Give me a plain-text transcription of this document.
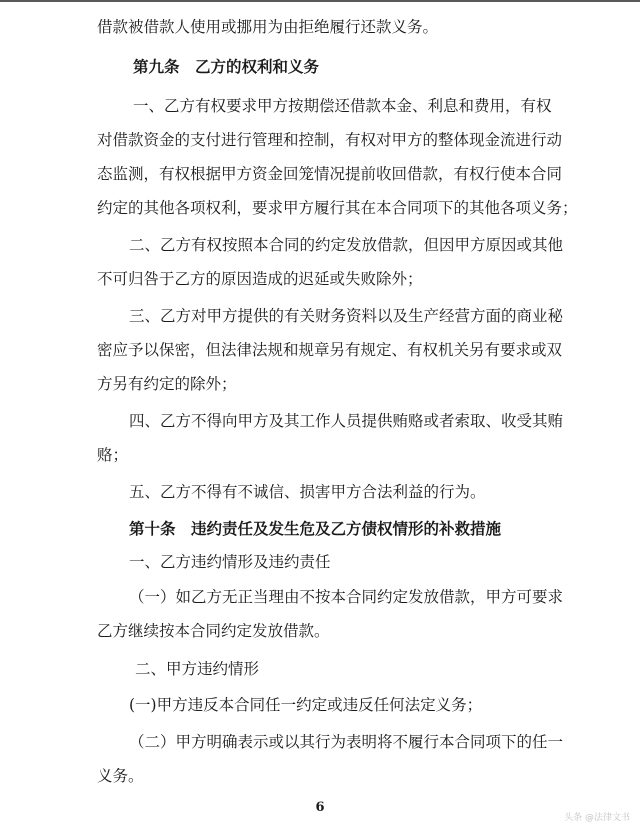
借款被借款人使用或挪用为由拒绝履行还款义务。
第九条　乙方的权利和义务
一、乙方有权要求甲方按期偿还借款本金、利息和费用，有权
对借款资金的支付进行管理和控制，有权对甲方的整体现金流进行动
态监测，有权根据甲方资金回笼情况提前收回借款，有权行使本合同
约定的其他各项权利，要求甲方履行其在本合同项下的其他各项义务；
二、乙方有权按照本合同的约定发放借款，但因甲方原因或其他
不可归咎于乙方的原因造成的迟延或失败除外；
三、乙方对甲方提供的有关财务资料以及生产经营方面的商业秘
密应予以保密，但法律法规和规章另有规定、有权机关另有要求或双
方另有约定的除外；
四、乙方不得向甲方及其工作人员提供贿赂或者索取、收受其贿
赂；
五、乙方不得有不诚信、损害甲方合法利益的行为。
第十条　违约责任及发生危及乙方债权情形的补救措施
一、乙方违约情形及违约责任
（一）如乙方无正当理由不按本合同约定发放借款，甲方可要求
乙方继续按本合同约定发放借款。
二、甲方违约情形
(一)甲方违反本合同任一约定或违反任何法定义务；
（二）甲方明确表示或以其行为表明将不履行本合同项下的任一
义务。
6
头条 @法律文书
